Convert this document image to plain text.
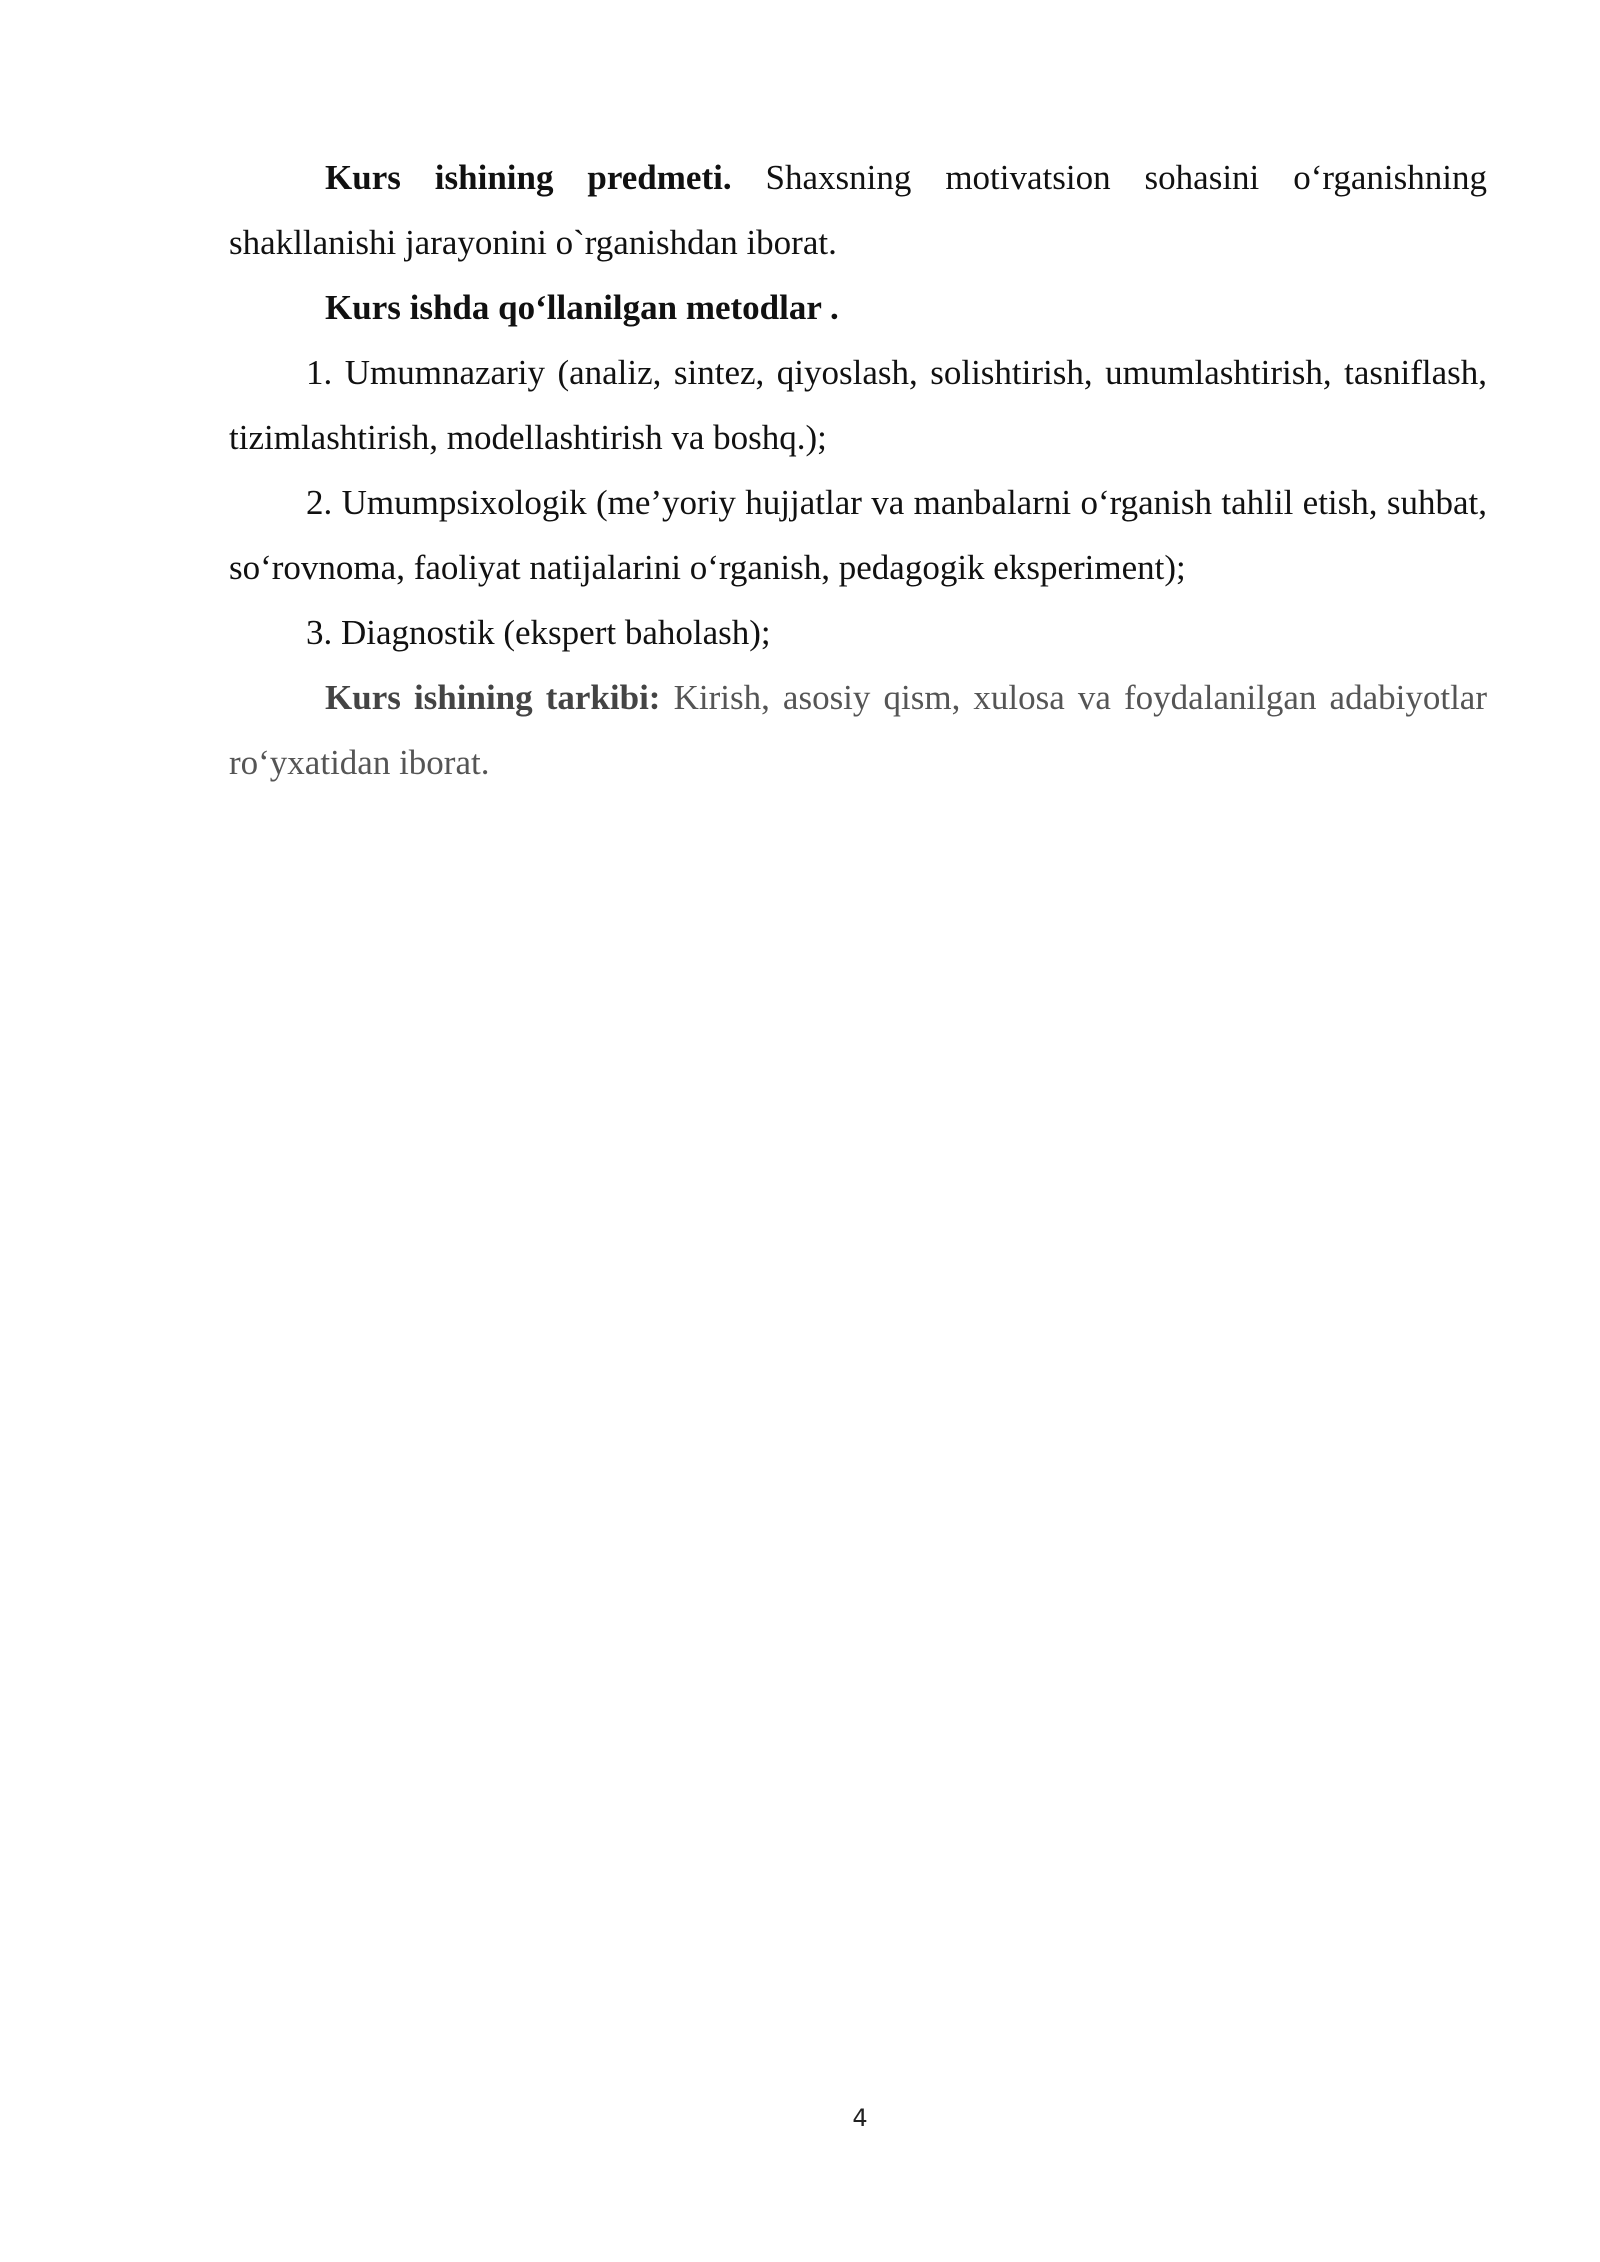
Kurs ishining predmeti. Shaxsning motivatsion sohasini o‘rganishning shakllanishi jarayonini o`rganishdan iborat.

Kurs ishda qo‘llanilgan metodlar .

1. Umumnazariy (analiz, sintez, qiyoslash, solishtirish, umumlashtirish, tasniflash, tizimlashtirish, modellashtirish va boshq.);

2. Umumpsixologik (me’yoriy hujjatlar va manbalarni o‘rganish tahlil etish, suhbat, so‘rovnoma, faoliyat natijalarini o‘rganish, pedagogik eksperiment);

3. Diagnostik (ekspert baholash);

Kurs ishining tarkibi: Kirish, asosiy qism, xulosa va foydalanilgan adabiyotlar ro‘yxatidan iborat.

4
